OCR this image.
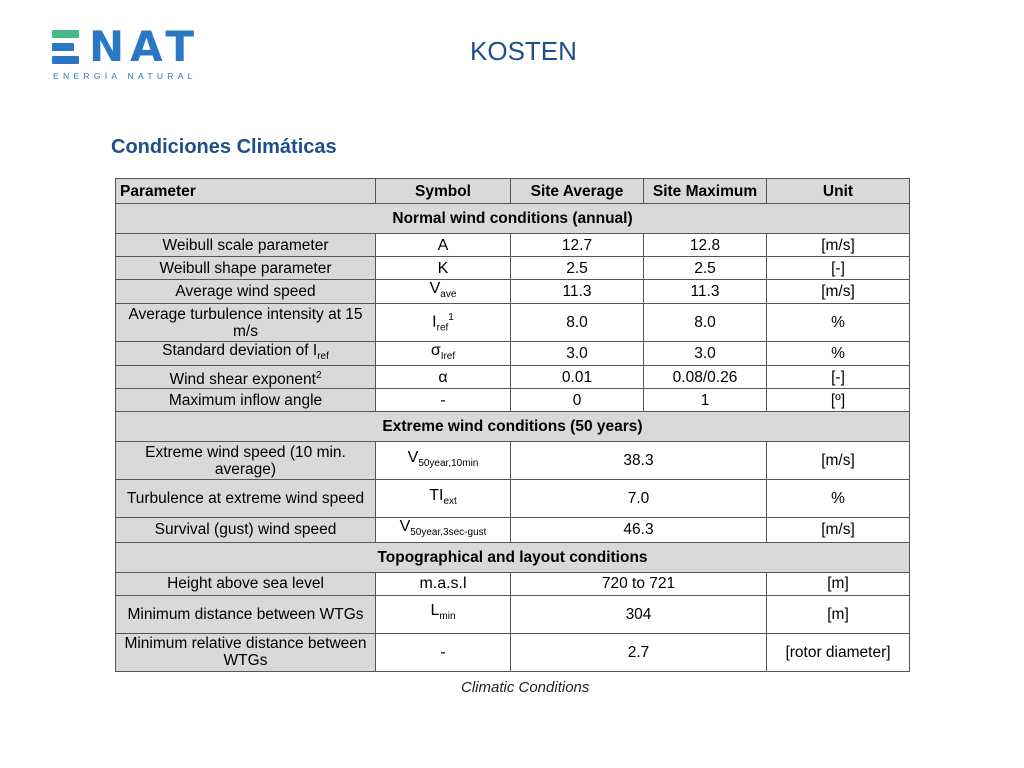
NAT
ENERGÍA NATURAL
KOSTEN
Condiciones Climáticas
Parameter	Symbol	Site Average	Site Maximum	Unit
Normal wind conditions (annual)				
Weibull scale parameter	A	12.7	12.8	[m/s]
Weibull shape parameter	K	2.5	2.5	[-]
Average wind speed	$V_{ave}$	11.3	11.3	[m/s]
Average turbulence intensity at 15 m/s	$I_{ref}^1$	8.0	8.0	%
Standard deviation of $I_{ref}$	$\sigma_{Iref}$	3.0	3.0	%
Wind shear exponent$^2$	α	0.01	0.08/0.26	[-]
Maximum inflow angle	-	0	1	[º]
Extreme wind conditions (50 years)				
Extreme wind speed (10 min. average)	$V_{50year,10min}$	38.3		[m/s]
Turbulence at extreme wind speed	$TI_{ext}$	7.0		%
Survival (gust) wind speed	$V_{50year,3sec-gust}$	46.3		[m/s]
Topographical and layout conditions				
Height above sea level	m.a.s.l	720 to 721		[m]
Minimum distance between WTGs	$L_{min}$	304		[m]
Minimum relative distance between WTGs	-	2.7		[rotor diameter]
Climatic Conditions
